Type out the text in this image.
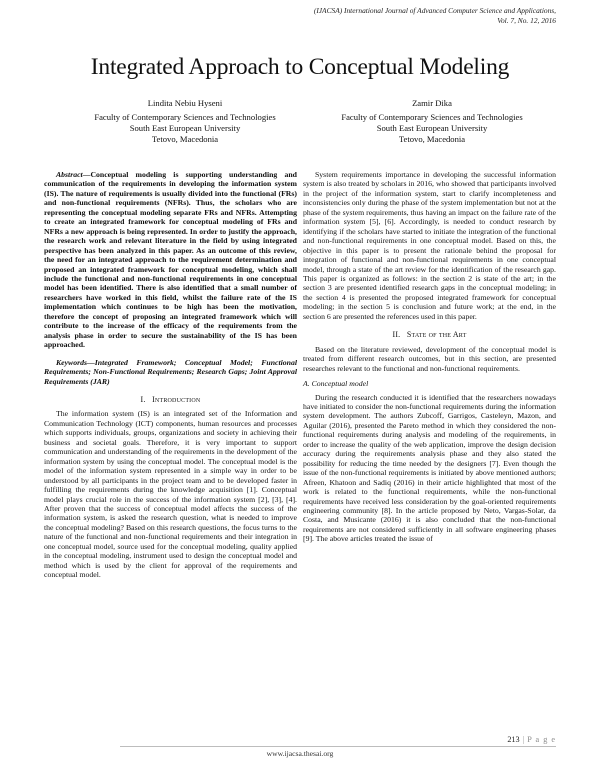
(IJACSA) International Journal of Advanced Computer Science and Applications,
Vol. 7, No. 12, 2016
Integrated Approach to Conceptual Modeling
Lindita Nebiu Hyseni
Faculty of Contemporary Sciences and Technologies
South East European University
Tetovo, Macedonia
Zamir Dika
Faculty of Contemporary Sciences and Technologies
South East European University
Tetovo, Macedonia

Abstract—Conceptual modeling is supporting understanding and communication of the requirements in developing the information system (IS). The nature of requirements is usually divided into the functional (FRs) and non-functional requirements (NFRs). Thus, the scholars who are representing the conceptual modeling separate FRs and NFRs. Attempting to create an integrated framework for conceptual modeling of FRs and NFRs a new approach is being represented. In order to justify the approach, the research work and relevant literature in the field by using integrated perspective has been analyzed in this paper. As an outcome of this review, the need for an integrated approach to the requirement determination and proposed an integrated framework for conceptual modeling, which shall include the functional and non-functional requirements in one conceptual model has been identified. There is also identified that a small number of researchers have worked in this field, whilst the failure rate of the IS implementation which continues to be high has been the motivation, therefore the concept of proposing an integrated framework which will contribute to the increase of the efficacy of the requirements from the analysis phase in order to secure the sustainability of the IS has been approached.

Keywords—Integrated Framework; Conceptual Model; Functional Requirements; Non-Functional Requirements; Research Gaps; Joint Approval Requirements (JAR)

I. Introduction

The information system (IS) is an integrated set of the Information and Communication Technology (ICT) components, human resources and processes which supports individuals, groups, organizations and society in achieving their business and societal goals. Therefore, it is very important to support communication and understanding of the requirements in the development of the information system by using the conceptual model. The conceptual model is the model of the information system represented in a simple way in order to be understood by all participants in the project team and to be developed faster in fulfilling the requirements during the knowledge acquisition [1]. Conceptual model plays crucial role in the success of the information system [2], [3], [4]. After proven that the success of conceptual model affects the success of the information system, is asked the research question, what is needed to improve the conceptual modeling? Based on this research questions, the focus turns to the nature of the functional and non-functional requirements and their integration in one conceptual model, source used for the conceptual modeling, quality applied in the conceptual modeling, instrument used to design the conceptual model and method which is used by the client for approval of the requirements and conceptual model.

System requirements importance in developing the successful information system is also treated by scholars in 2016, who showed that participants involved in the project of the information system, start to clarify incompleteness and inconsistencies only during the phase of the system implementation but not at the phase of the system requirements, thus having an impact on the failure rate of the information system [5], [6]. Accordingly, is needed to conduct research by identifying if the scholars have started to initiate the integration of the functional and non-functional requirements in one conceptual model. Based on this, the objective in this paper is to present the rationale behind the proposal for integration of functional and non-functional requirements in one conceptual model, through a state of the art review for the identification of the research gap. This paper is organized as follows: in the section 2 is state of the art; in the section 3 are presented identified research gaps in the conceptual modeling; in the section 4 is presented the proposed integrated framework for conceptual modeling; in the section 5 is conclusion and future work; at the end, in the section 6 are presented the references used in this paper.

II. State of the Art

Based on the literature reviewed, development of the conceptual model is treated from different research outcomes, but in this section, are presented researches relevant to the functional and non-functional requirements.

A. Conceptual model

During the research conducted it is identified that the researchers nowadays have initiated to consider the non-functional requirements during the information system development. The authors Zubcoff, Garrigos, Casteleyn, Mazon, and Aguilar (2016), presented the Pareto method in which they considered the non-functional requirements during analysis and modeling of the requirements, in order to increase the quality of the web application, improve the design decision accuracy during the requirements analysis phase and they also stated the possibility for reducing the time needed by the designers [7]. Even though the issue of the non-functional requirements is initiated by above mentioned authors; Afreen, Khatoon and Sadiq (2016) in their article highlighted that most of the work is related to the functional requirements, while the non-functional requirements have received less consideration by the goal-oriented requirements engineering community [8]. In the article proposed by Neto, Vargas-Solar, da Costa, and Musicante (2016) it is also concluded that the non-functional requirements are not considered sufficiently in all software engineering phases [9]. The above articles treated the issue of

213 | P a g e
www.ijacsa.thesai.org
